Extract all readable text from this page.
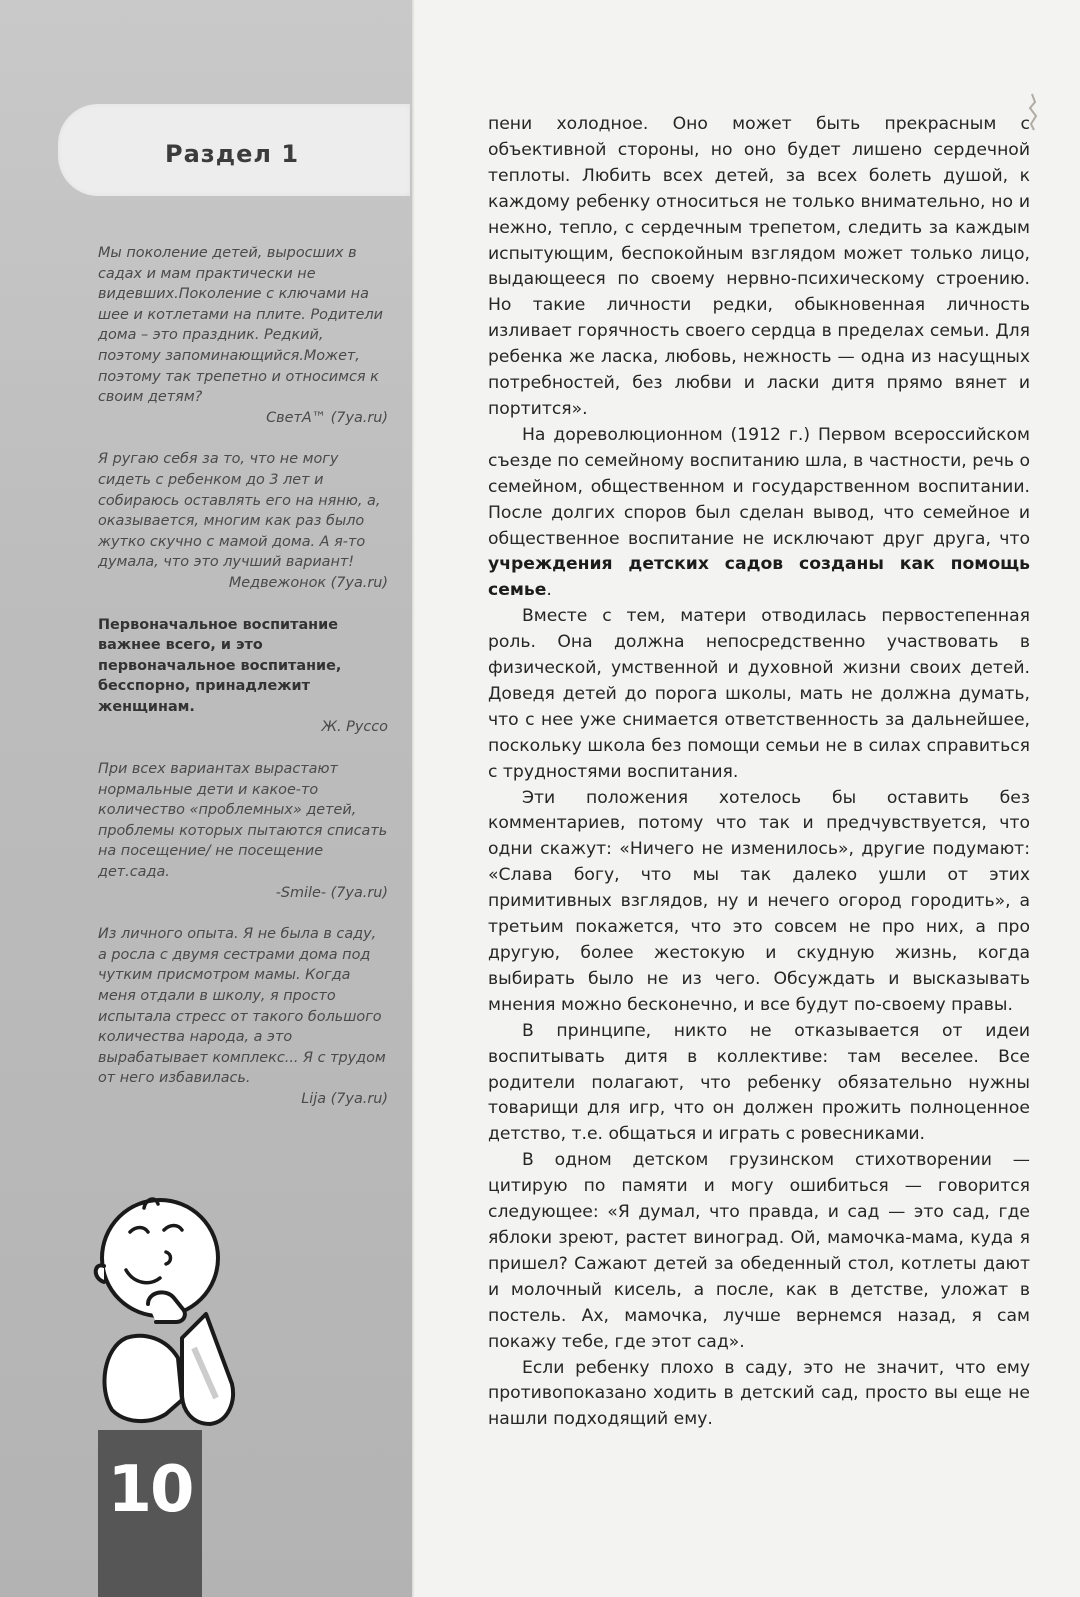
Раздел 1

Мы поколение детей, выросших в садах и мам практически не видевших.Поколение с ключами на шее и котлетами на плите. Родители дома – это праздник. Редкий, поэтому запоминающийся.Может, поэтому так трепетно и относимся к своим детям?

СветА™ (7ya.ru)

Я ругаю себя за то, что не могу сидеть с ребенком до 3 лет и собираюсь оставлять его на няню, а, оказывается, многим как раз было жутко скучно с мамой дома. А я-то думала, что это лучший вариант!

Медвежонок (7ya.ru)

Первоначальное воспитание важнее всего, и это первоначальное воспитание, бесспорно, принадлежит женщинам.

Ж. Руссо

При всех вариантах вырастают нормальные дети и какое-то количество «проблемных» детей, проблемы которых пытаются списать на посещение/ не посещение дет.сада.

-Smile- (7ya.ru)

Из личного опыта. Я не была в саду, а росла с двумя сестрами дома под чутким присмотром мамы. Когда меня отдали в школу, я просто испытала стресс от такого большого количества народа, а это вырабатывает комплекс... Я с трудом от него избавилась.

Lija (7ya.ru)

10

пени холодное. Оно может быть прекрасным с объективной стороны, но оно будет лишено сердечной теплоты. Любить всех детей, за всех болеть душой, к каждому ребенку относиться не только внимательно, но и нежно, тепло, с сердечным трепетом, следить за каждым испытующим, беспокойным взглядом может только лицо, выдающееся по своему нервно-психическому строению. Но такие личности редки, обыкновенная личность изливает горячность своего сердца в пределах семьи. Для ребенка же ласка, любовь, нежность — одна из насущных потребностей, без любви и ласки дитя прямо вянет и портится».

На дореволюционном (1912 г.) Первом всероссийском съезде по семейному воспитанию шла, в частности, речь о семейном, общественном и государственном воспитании. После долгих споров был сделан вывод, что семейное и общественное воспитание не исключают друг друга, что учреждения детских садов созданы как помощь семье.

Вместе с тем, матери отводилась первостепенная роль. Она должна непосредственно участвовать в физической, умственной и духовной жизни своих детей. Доведя детей до порога школы, мать не должна думать, что с нее уже снимается ответственность за дальнейшее, поскольку школа без помощи семьи не в силах справиться с трудностями воспитания.

Эти положения хотелось бы оставить без комментариев, потому что так и предчувствуется, что одни скажут: «Ничего не изменилось», другие подумают: «Слава богу, что мы так далеко ушли от этих примитивных взглядов, ну и нечего огород городить», а третьим покажется, что это совсем не про них, а про другую, более жестокую и скудную жизнь, когда выбирать было не из чего. Обсуждать и высказывать мнения можно бесконечно, и все будут по-своему правы.

В принципе, никто не отказывается от идеи воспитывать дитя в коллективе: там веселее. Все родители полагают, что ребенку обязательно нужны товарищи для игр, что он должен прожить полноценное детство, т.е. общаться и играть с ровесниками.

В одном детском грузинском стихотворении — цитирую по памяти и могу ошибиться — говорится следующее: «Я думал, что правда, и сад — это сад, где яблоки зреют, растет виноград. Ой, мамочка-мама, куда я пришел? Сажают детей за обеденный стол, котлеты дают и молочный кисель, а после, как в детстве, уложат в постель. Ах, мамочка, лучше вернемся назад, я сам покажу тебе, где этот сад».

Если ребенку плохо в саду, это не значит, что ему противопоказано ходить в детский сад, просто вы еще не нашли подходящий ему.
